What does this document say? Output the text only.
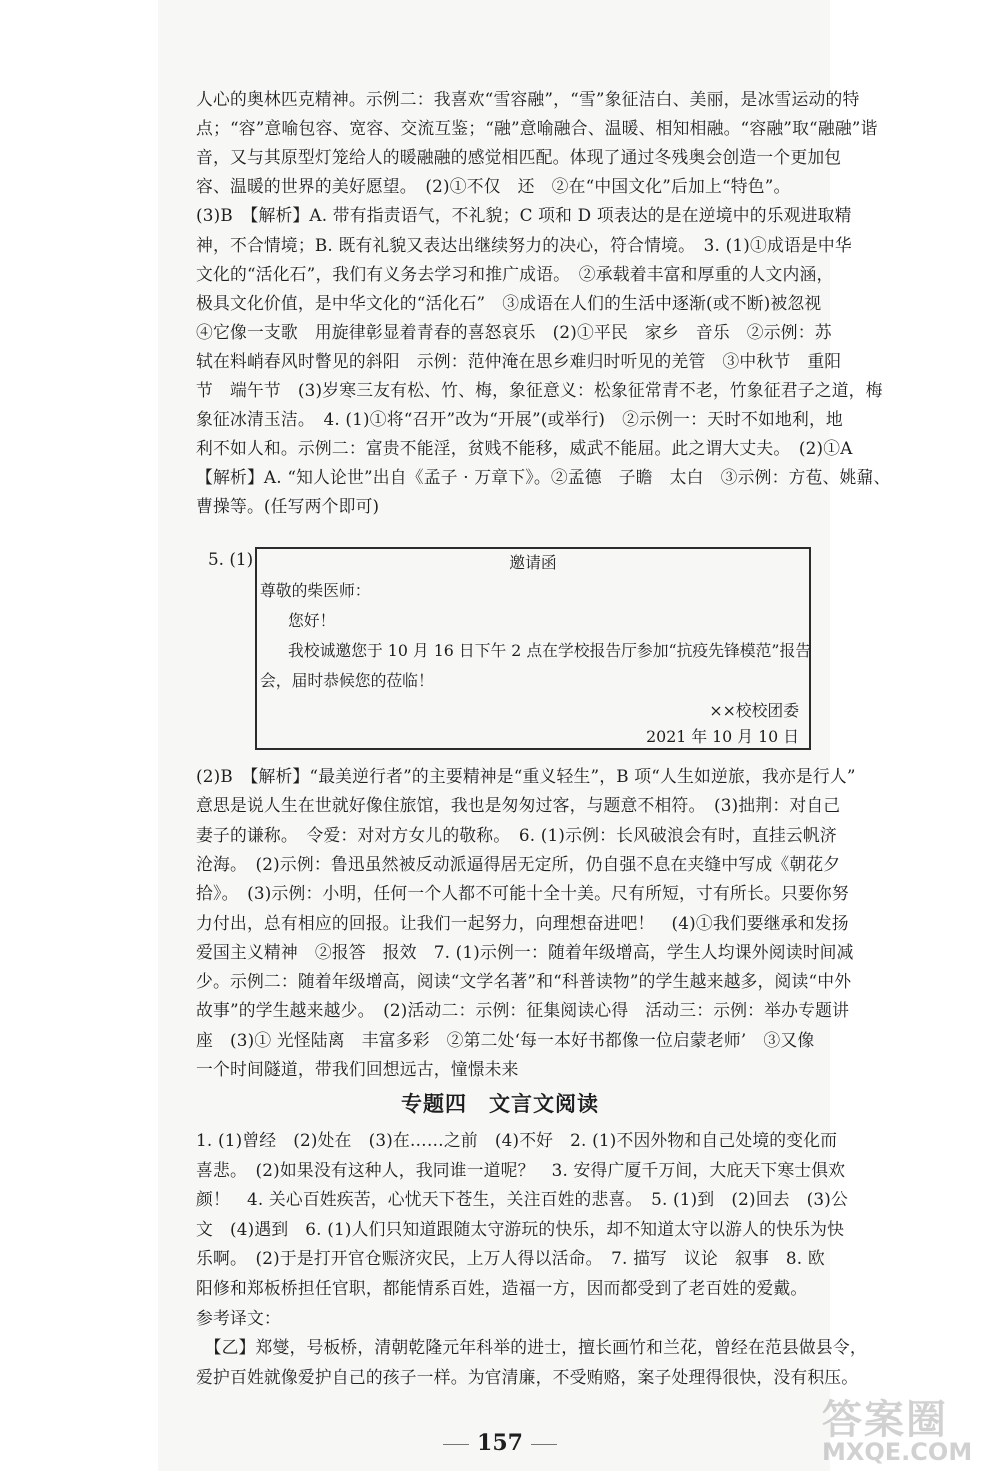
人心的奥林匹克精神。示例二：我喜欢“雪容融”，“雪”象征洁白、美丽，是冰雪运动的特
点；“容”意喻包容、宽容、交流互鉴；“融”意喻融合、温暖、相知相融。“容融”取“融融”谐
音，又与其原型灯笼给人的暖融融的感觉相匹配。体现了通过冬残奥会创造一个更加包
容、温暖的世界的美好愿望。　(2)①不仅　还　②在“中国文化”后加上“特色”。
(3)B　【解析】A. 带有指责语气，不礼貌；C 项和 D 项表达的是在逆境中的乐观进取精
神，不合情境；B. 既有礼貌又表达出继续努力的决心，符合情境。　3. (1)①成语是中华
文化的“活化石”，我们有义务去学习和推广成语。　②承载着丰富和厚重的人文内涵，
极具文化价值，是中华文化的“活化石”　③成语在人们的生活中逐渐(或不断)被忽视
④它像一支歌　用旋律彰显着青春的喜怒哀乐　(2)①平民　家乡　音乐　②示例：苏
轼在料峭春风时瞥见的斜阳　示例：范仲淹在思乡难归时听见的羌管　③中秋节　重阳
节　端午节　(3)岁寒三友有松、竹、梅，象征意义：松象征常青不老，竹象征君子之道，梅
象征冰清玉洁。　4. (1)①将“召开”改为“开展”(或举行)　②示例一：天时不如地利，地
利不如人和。示例二：富贵不能淫，贫贱不能移，威武不能屈。此之谓大丈夫。　(2)①A
【解析】A. “知人论世”出自《孟子 · 万章下》。②孟德　子瞻　太白　③示例：方苞、姚鼐、
曹操等。(任写两个即可)
5. (1)	邀请函
尊敬的柴医师：
您好！
我校诚邀您于 10 月 16 日下午 2 点在学校报告厅参加“抗疫先锋模范”报告
会，届时恭候您的莅临！
××校校团委
2021 年 10 月 10 日
(2)B　【解析】“最美逆行者”的主要精神是“重义轻生”，B 项“人生如逆旅，我亦是行人”
意思是说人生在世就好像住旅馆，我也是匆匆过客，与题意不相符。　(3)拙荆：对自己
妻子的谦称。　令爱：对对方女儿的敬称。　6. (1)示例：长风破浪会有时，直挂云帆济
沧海。　(2)示例：鲁迅虽然被反动派逼得居无定所，仍自强不息在夹缝中写成《朝花夕
拾》。　(3)示例：小明，任何一个人都不可能十全十美。尺有所短，寸有所长。只要你努
力付出，总有相应的回报。让我们一起努力，向理想奋进吧！　(4)①我们要继承和发扬
爱国主义精神　②报答　报效　7. (1)示例一：随着年级增高，学生人均课外阅读时间减
少。示例二：随着年级增高，阅读“文学名著”和“科普读物”的学生越来越多，阅读“中外
故事”的学生越来越少。　(2)活动二：示例：征集阅读心得　活动三：示例：举办专题讲
座　(3)① 光怪陆离　丰富多彩　②第二处‘每一本好书都像一位启蒙老师’　③又像
一个时间隧道，带我们回想远古，憧憬未来
专题四　文言文阅读
1. (1)曾经　(2)处在　(3)在……之前　(4)不好　2. (1)不因外物和自己处境的变化而
喜悲。　(2)如果没有这种人，我同谁一道呢？　3. 安得广厦千万间，大庇天下寒士俱欢
颜！　4. 关心百姓疾苦，心忧天下苍生，关注百姓的悲喜。　5. (1)到　(2)回去　(3)公
文　(4)遇到　6. (1)人们只知道跟随太守游玩的快乐，却不知道太守以游人的快乐为快
乐啊。　(2)于是打开官仓赈济灾民，上万人得以活命。　7. 描写　议论　叙事　8. 欧
阳修和郑板桥担任官职，都能情系百姓，造福一方，因而都受到了老百姓的爱戴。
参考译文：
　【乙】郑燮，号板桥，清朝乾隆元年科举的进士，擅长画竹和兰花，曾经在范县做县令，
爱护百姓就像爱护自己的孩子一样。为官清廉，不受贿赂，案子处理得很快，没有积压。
157	答案圈
MXQE.COM
